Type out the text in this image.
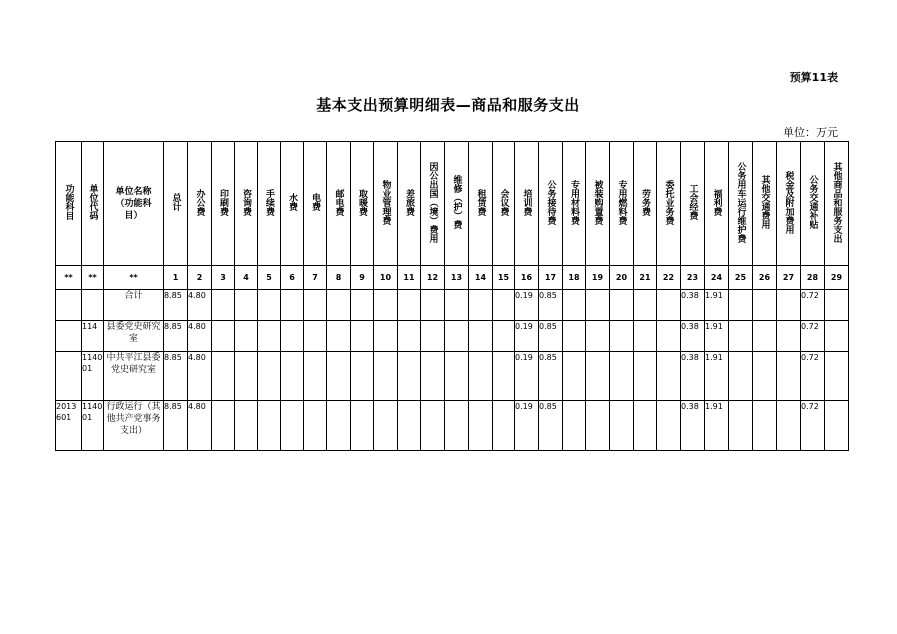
预算11表
基本支出预算明细表—商品和服务支出
单位：万元
功能科目	单位代码	单位名称（功能科目）	总计	办公费	印刷费	咨询费	手续费	水费	电费	邮电费	取暖费	物业管理费	差旅费	因公出国（境）费用	维修（护）费	租赁费	会议费	培训费	公务接待费	专用材料费	被装购置费	专用燃料费	劳务费	委托业务费	工会经费	福利费	公务用车运行维护费	其他交通费用	税金及附加费用	公务交通补贴	其他商品和服务支出
**	**	**	1	2	3	4	5	6	7	8	9	10	11	12	13	14	15	16	17	18	19	20	21	22	23	24	25	26	27	28	29
		合计	8.85	4.80														0.19	0.85						0.38	1.91				0.72	
	114	县委党史研究室	8.85	4.80														0.19	0.85						0.38	1.91				0.72	
	114001	中共平江县委党史研究室	8.85	4.80														0.19	0.85						0.38	1.91				0.72	
2013601	114001	行政运行（其他共产党事务支出）	8.85	4.80														0.19	0.85						0.38	1.91				0.72	
